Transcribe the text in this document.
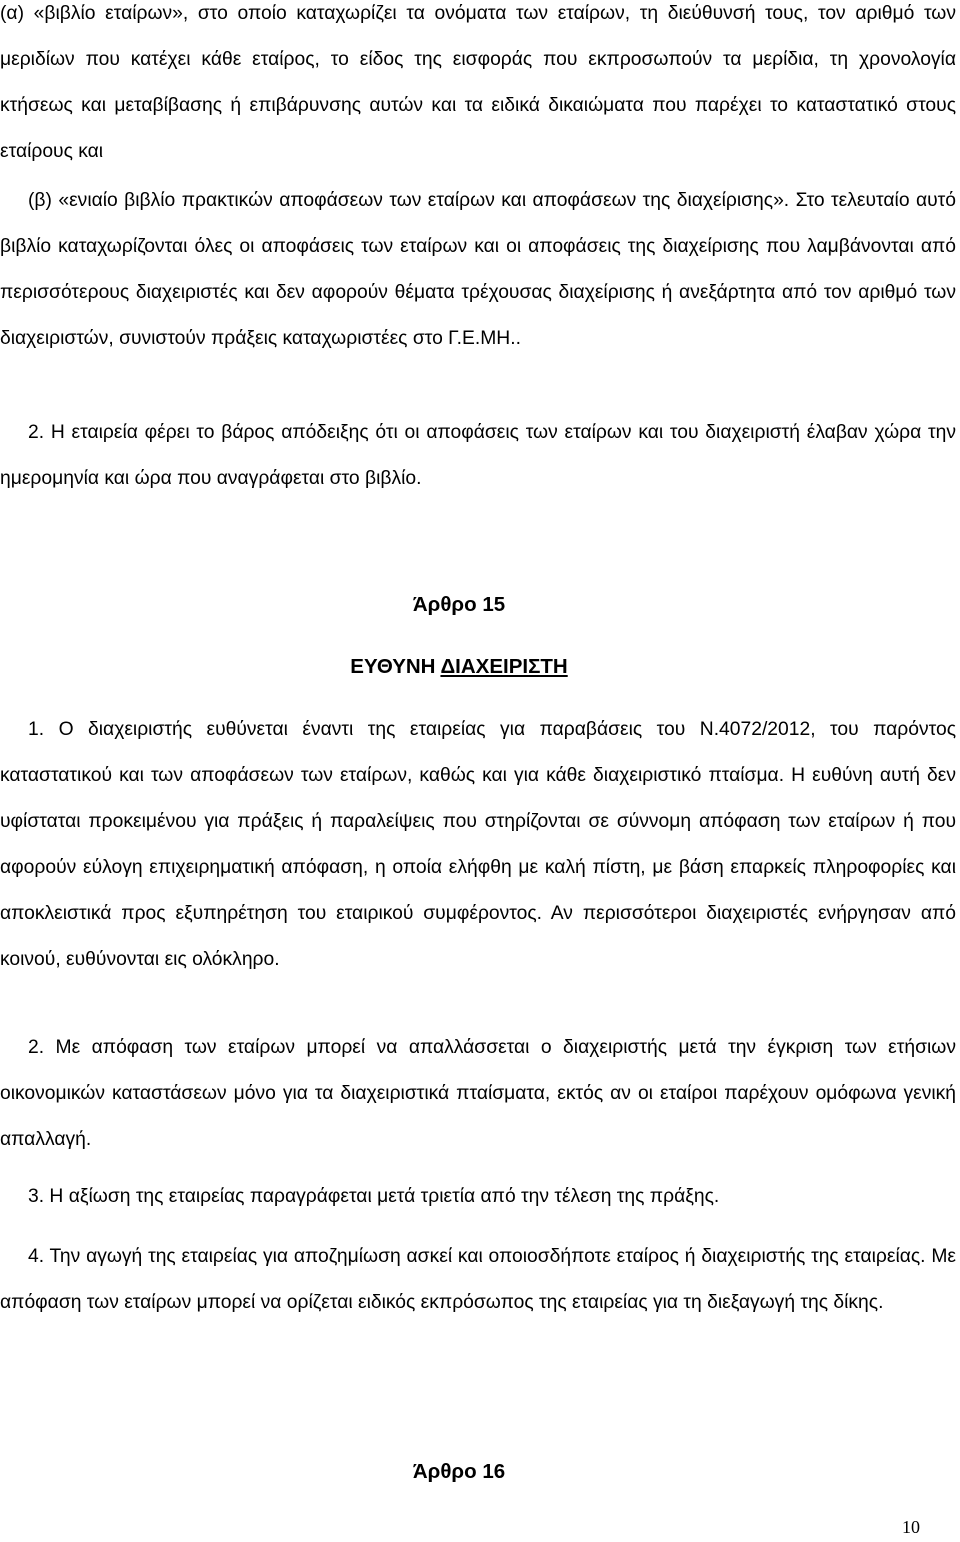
(α) «βιβλίο εταίρων», στο οποίο καταχωρίζει τα ονόματα των εταίρων, τη διεύθυνσή τους, τον αριθμό των μεριδίων που κατέχει κάθε εταίρος, το είδος της εισφοράς που εκπροσωπούν τα μερίδια, τη χρονολογία κτήσεως και μεταβίβασης ή επιβάρυνσης αυτών και τα ειδικά δικαιώματα που παρέχει το καταστατικό στους εταίρους και

(β) «ενιαίο βιβλίο πρακτικών αποφάσεων των εταίρων και αποφάσεων της διαχείρισης». Στο τελευταίο αυτό βιβλίο καταχωρίζονται όλες οι αποφάσεις των εταίρων και οι αποφάσεις της διαχείρισης που λαμβάνονται από περισσότερους διαχειριστές και δεν αφορούν θέματα τρέχουσας διαχείρισης ή ανεξάρτητα από τον αριθμό των διαχειριστών, συνιστούν πράξεις καταχωριστέες στο Γ.Ε.ΜΗ..

2. Η εταιρεία φέρει το βάρος απόδειξης ότι οι αποφάσεις των εταίρων και του διαχειριστή έλαβαν χώρα την ημερομηνία και ώρα που αναγράφεται στο βιβλίο.

Άρθρο 15
ΕΥΘΥΝΗ ΔΙΑΧΕΙΡΙΣΤΗ

1. Ο διαχειριστής ευθύνεται έναντι της εταιρείας για παραβάσεις του Ν.4072/2012, του παρόντος καταστατικού και των αποφάσεων των εταίρων, καθώς και για κάθε διαχειριστικό πταίσμα. Η ευθύνη αυτή δεν υφίσταται προκειμένου για πράξεις ή παραλείψεις που στηρίζονται σε σύννομη απόφαση των εταίρων ή που αφορούν εύλογη επιχειρηματική απόφαση, η οποία ελήφθη με καλή πίστη, με βάση επαρκείς πληροφορίες και αποκλειστικά προς εξυπηρέτηση του εταιρικού συμφέροντος. Αν περισσότεροι διαχειριστές ενήργησαν από κοινού, ευθύνονται εις ολόκληρο.

2. Με απόφαση των εταίρων μπορεί να απαλλάσσεται ο διαχειριστής μετά την έγκριση των ετήσιων οικονομικών καταστάσεων μόνο για τα διαχειριστικά πταίσματα, εκτός αν οι εταίροι παρέχουν ομόφωνα γενική απαλλαγή.

3. Η αξίωση της εταιρείας παραγράφεται μετά τριετία από την τέλεση της πράξης.

4. Την αγωγή της εταιρείας για αποζημίωση ασκεί και οποιοσδήποτε εταίρος ή διαχειριστής της εταιρείας. Με απόφαση των εταίρων μπορεί να ορίζεται ειδικός εκπρόσωπος της εταιρείας για τη διεξαγωγή της δίκης.

Άρθρο 16
10
